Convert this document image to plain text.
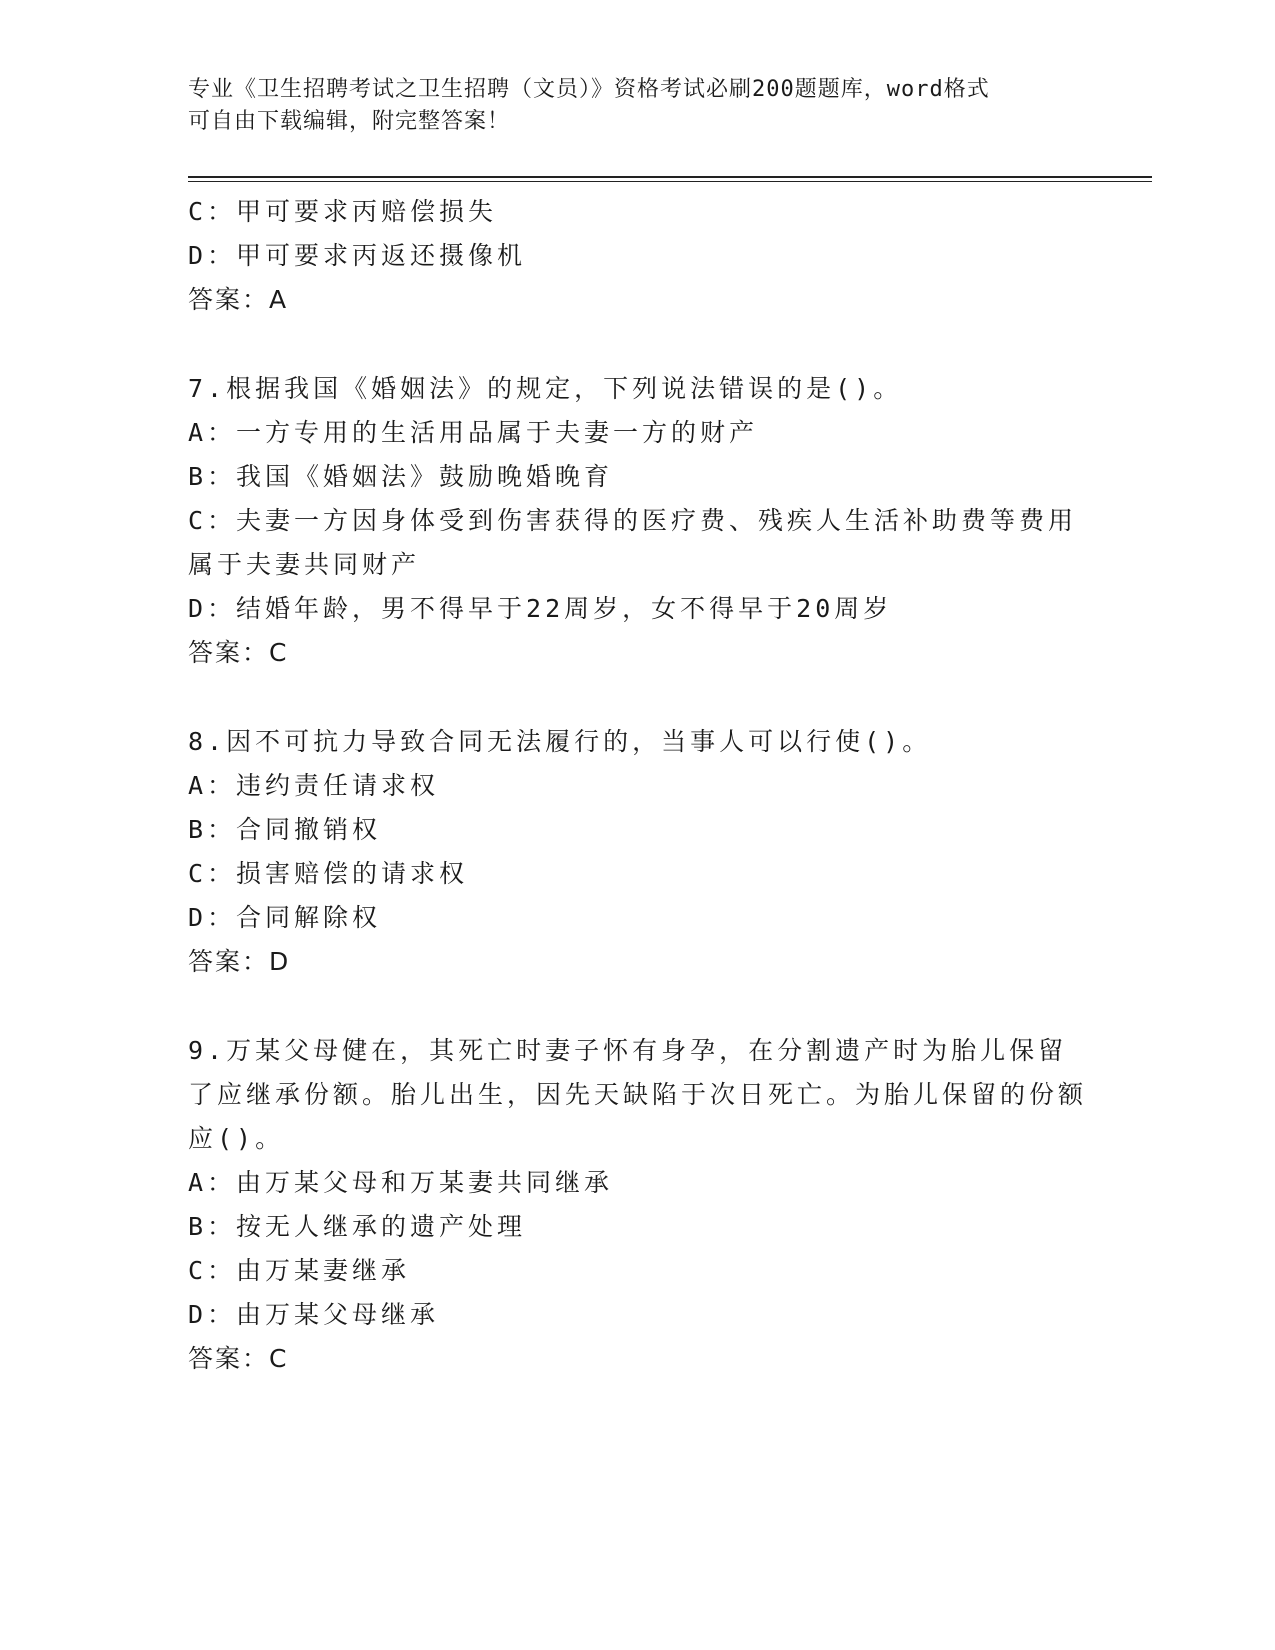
专业《卫生招聘考试之卫生招聘（文员）》资格考试必刷200题题库，word格式
可自由下载编辑，附完整答案！
C：甲可要求丙赔偿损失
D：甲可要求丙返还摄像机
答案：A
7.根据我国《婚姻法》的规定，下列说法错误的是()。
A：一方专用的生活用品属于夫妻一方的财产
B：我国《婚姻法》鼓励晚婚晚育
C：夫妻一方因身体受到伤害获得的医疗费、残疾人生活补助费等费用属于夫妻共同财产
D：结婚年龄，男不得早于22周岁，女不得早于20周岁
答案：C
8.因不可抗力导致合同无法履行的，当事人可以行使()。
A：违约责任请求权
B：合同撤销权
C：损害赔偿的请求权
D：合同解除权
答案：D
9.万某父母健在，其死亡时妻子怀有身孕，在分割遗产时为胎儿保留了应继承份额。胎儿出生，因先天缺陷于次日死亡。为胎儿保留的份额应()。
A：由万某父母和万某妻共同继承
B：按无人继承的遗产处理
C：由万某妻继承
D：由万某父母继承
答案：C
